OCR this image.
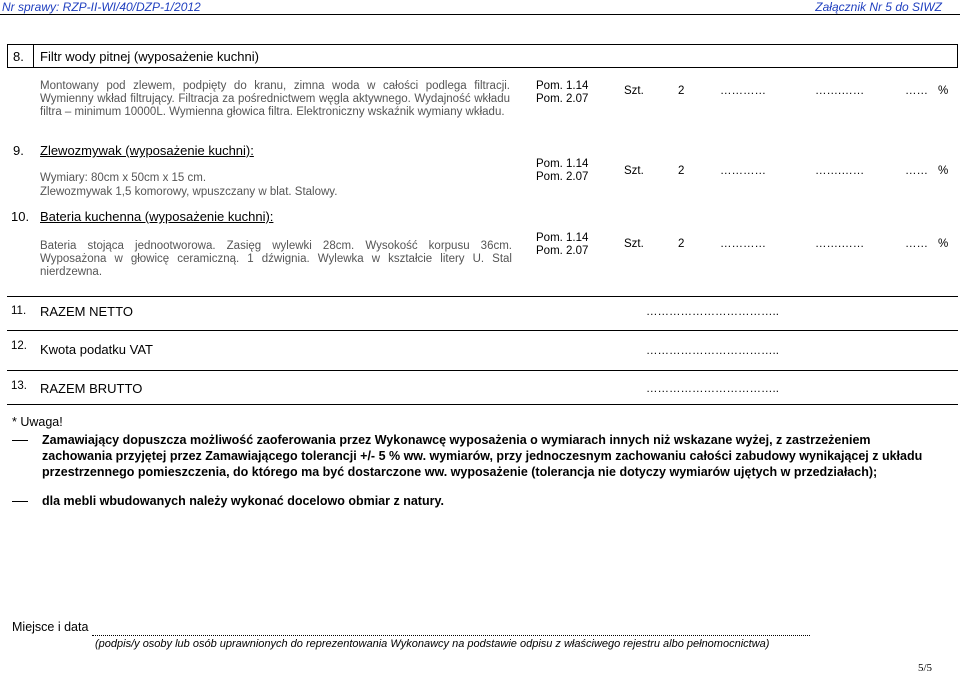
Nr sprawy: RZP-II-WI/40/DZP-1/2012	Załącznik Nr 5 do SIWZ
8. Filtr wody pitnej (wyposażenie kuchni)
Montowany pod zlewem, podpięty do kranu, zimna woda w całości podlega filtracji. Wymienny wkład filtrujący. Filtracja za pośrednictwem węgla aktywnego. Wydajność wkładu filtra – minimum 10000L. Wymienna głowica filtra. Elektroniczny wskaźnik wymiany wkładu.
Pom. 1.14
Pom. 2.07
Szt.	2	…………	…….……	…… %
9. Zlewozmywak (wyposażenie kuchni):
Wymiary: 80cm x 50cm x 15 cm.
Zlewozmywak 1,5 komorowy, wpuszczany w blat. Stalowy.
Pom. 1.14
Pom. 2.07	Szt.	2	…………	…….……	…… %
10. Bateria kuchenna (wyposażenie kuchni):
Bateria stojąca jednootworowa. Zasięg wylewki 28cm. Wysokość korpusu 36cm. Wyposażona w głowicę ceramiczną. 1 dźwignia. Wylewka w kształcie litery U. Stal nierdzewna.
Pom. 1.14
Pom. 2.07
Szt.	2	…………	…….……	…… %
11. RAZEM NETTO	……………………………..
12. Kwota podatku VAT	……………………………..
13. RAZEM BRUTTO	……………………………..
* Uwaga!
Zamawiający dopuszcza możliwość zaoferowania przez Wykonawcę wyposażenia o wymiarach innych niż wskazane wyżej, z zastrzeżeniem zachowania przyjętej przez Zamawiającego tolerancji +/- 5 % ww. wymiarów, przy jednoczesnym zachowaniu całości zabudowy wynikającej z układu przestrzennego pomieszczenia, do którego ma być dostarczone ww. wyposażenie (tolerancja nie dotyczy wymiarów ujętych w przedziałach);
dla mebli wbudowanych należy wykonać docelowo obmiar z natury.
Miejsce i data
(podpis/y osoby lub osób uprawnionych do reprezentowania Wykonawcy na podstawie odpisu z właściwego rejestru albo pełnomocnictwa)
5/5
